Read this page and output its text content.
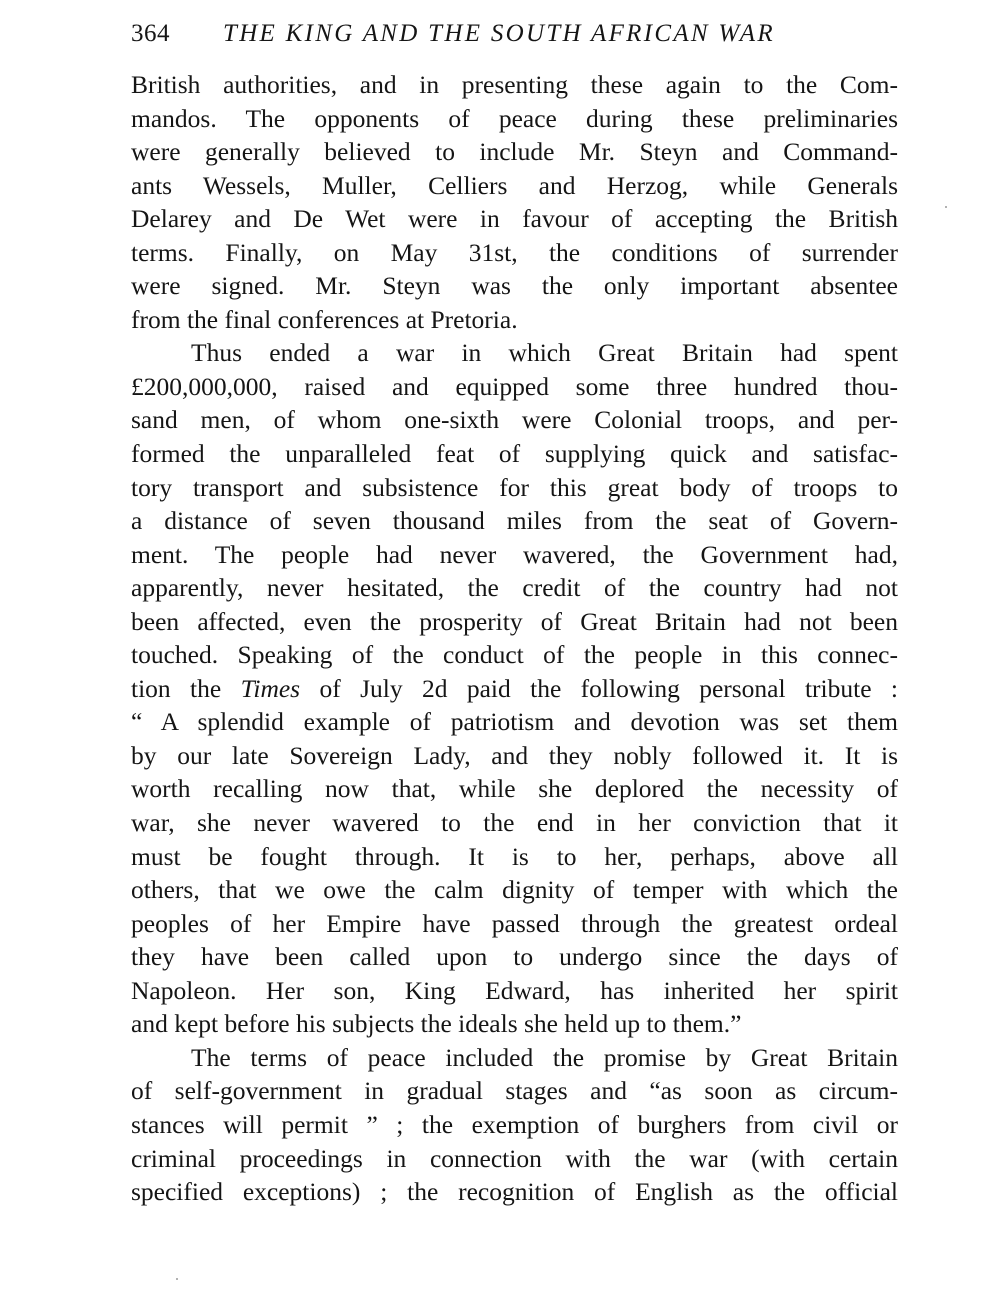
364 THE KING AND THE SOUTH AFRICAN WAR
British authorities, and in presenting these again to the Com-
mandos. The opponents of peace during these preliminaries
were generally believed to include Mr. Steyn and Command-
ants Wessels, Muller, Celliers and Herzog, while Generals
Delarey and De Wet were in favour of accepting the British
terms. Finally, on May 31st, the conditions of surrender
were signed. Mr. Steyn was the only important absentee
from the final conferences at Pretoria.
Thus ended a war in which Great Britain had spent
£200,000,000, raised and equipped some three hundred thou-
sand men, of whom one-sixth were Colonial troops, and per-
formed the unparalleled feat of supplying quick and satisfac-
tory transport and subsistence for this great body of troops to
a distance of seven thousand miles from the seat of Govern-
ment. The people had never wavered, the Government had,
apparently, never hesitated, the credit of the country had not
been affected, even the prosperity of Great Britain had not been
touched. Speaking of the conduct of the people in this connec-
tion the Times of July 2d paid the following personal tribute :
“ A splendid example of patriotism and devotion was set them
by our late Sovereign Lady, and they nobly followed it. It is
worth recalling now that, while she deplored the necessity of
war, she never wavered to the end in her conviction that it
must be fought through. It is to her, perhaps, above all
others, that we owe the calm dignity of temper with which the
peoples of her Empire have passed through the greatest ordeal
they have been called upon to undergo since the days of
Napoleon. Her son, King Edward, has inherited her spirit
and kept before his subjects the ideals she held up to them.”
The terms of peace included the promise by Great Britain
of self-government in gradual stages and “as soon as circum-
stances will permit ” ; the exemption of burghers from civil or
criminal proceedings in connection with the war (with certain
specified exceptions) ; the recognition of English as the official
